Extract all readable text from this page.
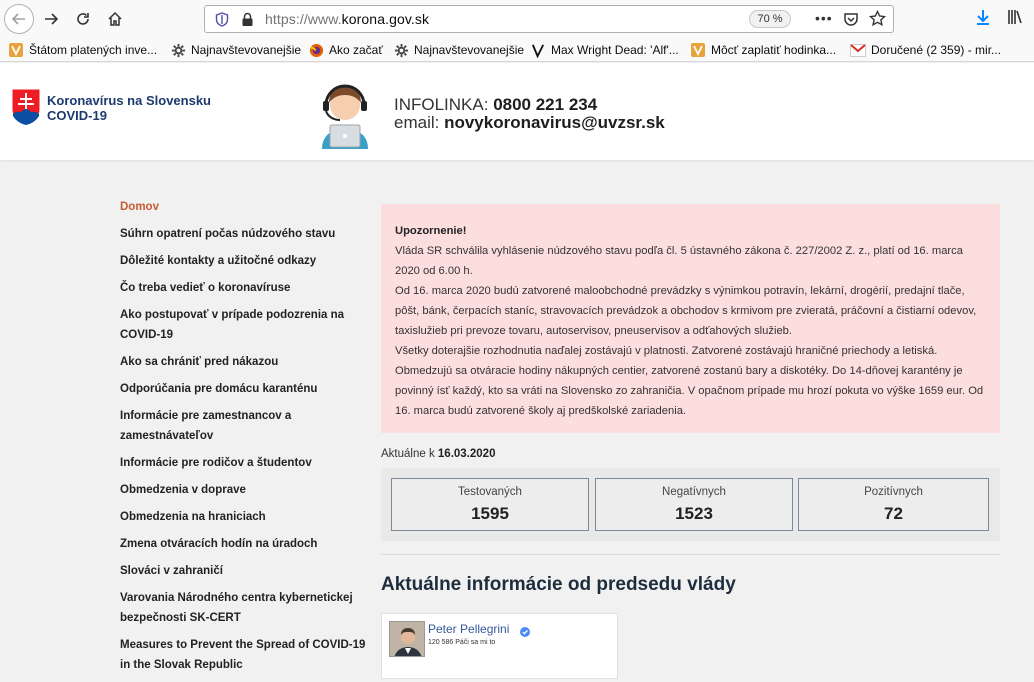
https://www.korona.gov.sk	70 %	•••
Štátom platených inve...	Najnavštevovanejšie Ako začať	Najnavštevovanejšie Max Wright Dead: 'Alf'...	Môcť zaplatiť hodinka...	Doručené (2 359) - mir...
Koronavírus na Slovensku
COVID-19
INFOLINKA: 0800 221 234
email: novykoronavirus@uvzsr.sk
Domov
Súhrn opatrení počas núdzového stavu
Dôležité kontakty a užitočné odkazy
Čo treba vedieť o koronavíruse
Ako postupovať v prípade podozrenia na COVID-19
Ako sa chrániť pred nákazou
Odporúčania pre domácu karanténu
Informácie pre zamestnancov a zamestnávateľov
Informácie pre rodičov a študentov
Obmedzenia v doprave
Obmedzenia na hraniciach
Zmena otváracích hodín na úradoch
Slováci v zahraničí
Varovania Národného centra kybernetickej bezpečnosti SK-CERT
Measures to Prevent the Spread of COVID-19 in the Slovak Republic
Upozornenie!
Vláda SR schválila vyhlásenie núdzového stavu podľa čl. 5 ústavného zákona č. 227/2002 Z. z., platí od 16. marca 2020 od 6.00 h.
Od 16. marca 2020 budú zatvorené maloobchodné prevádzky s výnimkou potravín, lekární, drogérií, predajní tlače, pôšt, bánk, čerpacích staníc, stravovacích prevádzok a obchodov s krmivom pre zvieratá, práčovní a čistiarní odevov, taxislužieb pri prevoze tovaru, autoservisov, pneuservisov a odťahových služieb.
Všetky doterajšie rozhodnutia naďalej zostávajú v platnosti. Zatvorené zostávajú hraničné priechody a letiská. Obmedzujú sa otváracie hodiny nákupných centier, zatvorené zostanú bary a diskotéky. Do 14-dňovej karantény je povinný ísť každý, kto sa vráti na Slovensko zo zahraničia. V opačnom prípade mu hrozí pokuta vo výške 1659 eur. Od 16. marca budú zatvorené školy aj predškolské zariadenia.
Aktuálne k 16.03.2020
Testovaných
1595
Negatívnych
1523
Pozitívnych
72
Aktuálne informácie od predsedu vlády
Peter Pellegrini
120 586 Páči sa mi to
